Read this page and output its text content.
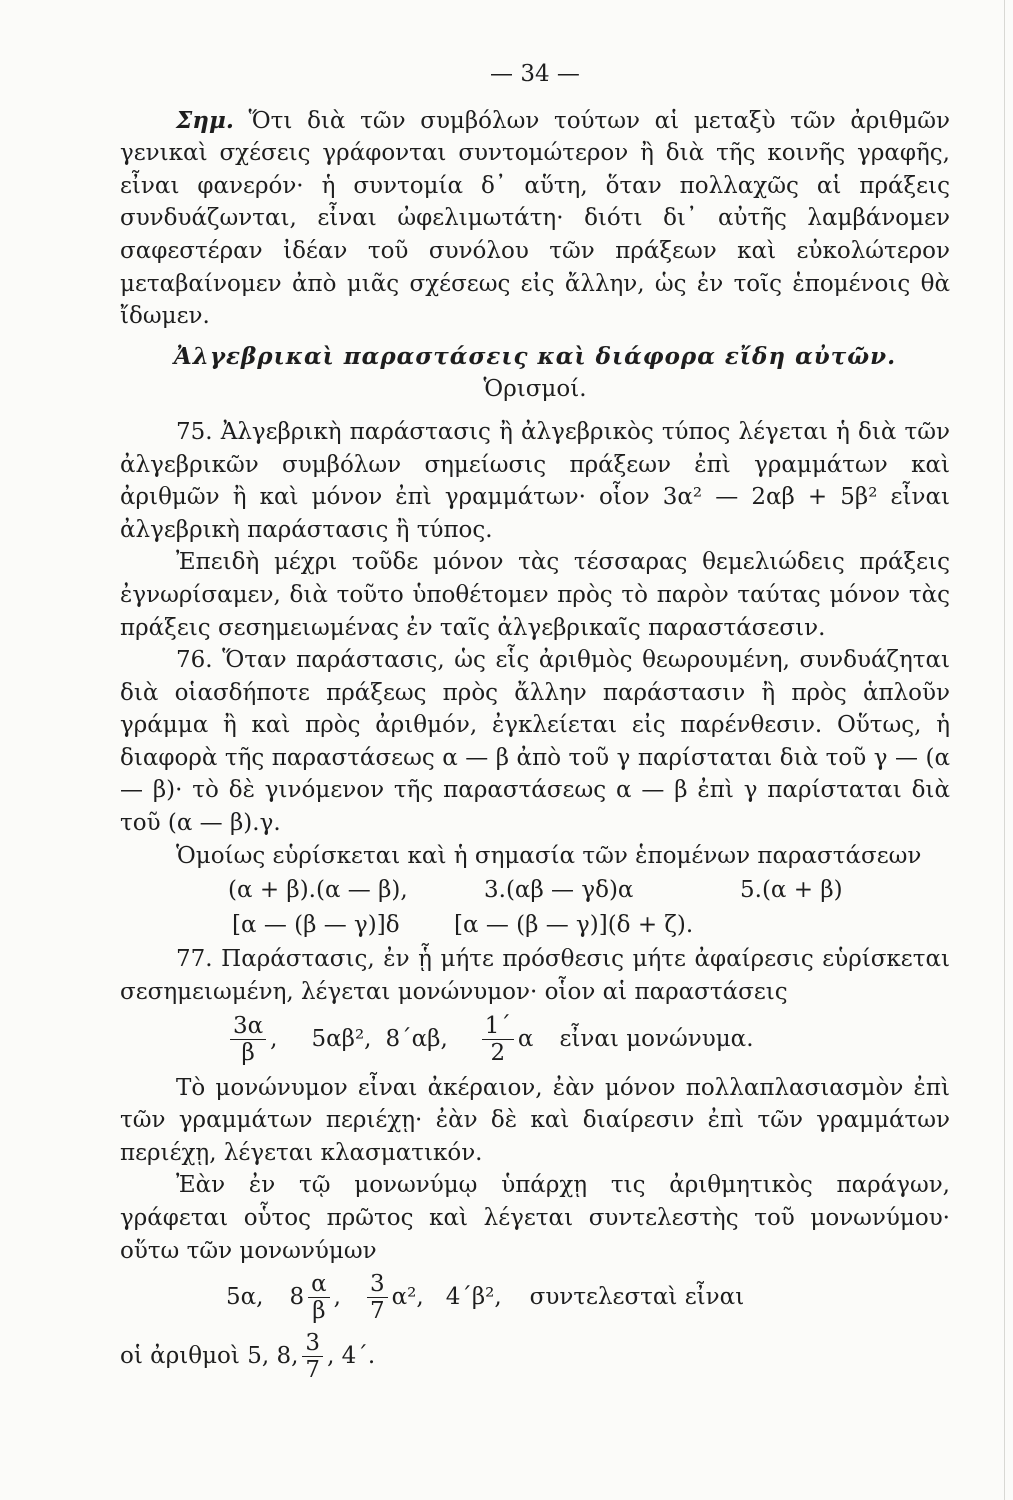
— 34 —

Σημ. Ὅτι διὰ τῶν συμβόλων τούτων αἱ μεταξὺ τῶν ἀριθμῶν γενικαὶ σχέσεις γράφονται συντομώτερον ἢ διὰ τῆς κοινῆς γραφῆς, εἶναι φανερόν· ἡ συντομία δ᾽ αὕτη, ὅταν πολλαχῶς αἱ πράξεις συνδυάζωνται, εἶναι ὠφελιμωτάτη· διότι δι᾽ αὐτῆς λαμβάνομεν σαφεστέραν ἰδέαν τοῦ συνόλου τῶν πράξεων καὶ εὐκολώτερον μεταβαίνομεν ἀπὸ μιᾶς σχέσεως εἰς ἄλλην, ὡς ἐν τοῖς ἑπομένοις θὰ ἴδωμεν.

Ἀλγεβρικαὶ παραστάσεις καὶ διάφορα εἴδη αὐτῶν.
Ὁρισμοί.

75. Ἀλγεβρικὴ παράστασις ἢ ἀλγεβρικὸς τύπος λέγεται ἡ διὰ τῶν ἀλγεβρικῶν συμβόλων σημείωσις πράξεων ἐπὶ γραμμάτων καὶ ἀριθμῶν ἢ καὶ μόνον ἐπὶ γραμμάτων· οἷον 3α² — 2αβ + 5β² εἶναι ἀλγεβρικὴ παράστασις ἢ τύπος.

Ἐπειδὴ μέχρι τοῦδε μόνον τὰς τέσσαρας θεμελιώδεις πράξεις ἐγνωρίσαμεν, διὰ τοῦτο ὑποθέτομεν πρὸς τὸ παρὸν ταύτας μόνον τὰς πράξεις σεσημειωμένας ἐν ταῖς ἀλγεβρικαῖς παραστάσεσιν.

76. Ὅταν παράστασις, ὡς εἷς ἀριθμὸς θεωρουμένη, συνδυάζηται διὰ οἱασδήποτε πράξεως πρὸς ἄλλην παράστασιν ἢ πρὸς ἁπλοῦν γράμμα ἢ καὶ πρὸς ἀριθμόν, ἐγκλείεται εἰς παρένθεσιν. Οὕτως, ἡ διαφορὰ τῆς παραστάσεως α — β ἀπὸ τοῦ γ παρίσταται διὰ τοῦ γ — (α — β)· τὸ δὲ γινόμενον τῆς παραστάσεως α — β ἐπὶ γ παρίσταται διὰ τοῦ (α — β).γ.

Ὁμοίως εὑρίσκεται καὶ ἡ σημασία τῶν ἑπομένων παραστάσεων

(α + β).(α — β),	3.(αβ — γδ)α	5.(α + β)
[α — (β — γ)]δ	[α — (β — γ)](δ + ζ).

77. Παράστασις, ἐν ᾗ μήτε πρόσθεσις μήτε ἀφαίρεσις εὑρίσκεται σεσημειωμένη, λέγεται μονώνυμον· οἷον αἱ παραστάσεις

$\frac{3\alpha}{\beta}$ , 5αβ², 8΄αβ, $\frac{1΄}{2}$ α εἶναι μονώνυμα.

Τὸ μονώνυμον εἶναι ἀκέραιον, ἐὰν μόνον πολλαπλασιασμὸν ἐπὶ τῶν γραμμάτων περιέχῃ· ἐὰν δὲ καὶ διαίρεσιν ἐπὶ τῶν γραμμάτων περιέχῃ, λέγεται κλασματικόν.

Ἐὰν ἐν τῷ μονωνύμῳ ὑπάρχῃ τις ἀριθμητικὸς παράγων, γράφεται οὗτος πρῶτος καὶ λέγεται συντελεστὴς τοῦ μονωνύμου· οὕτω τῶν μονωνύμων

5α, $8 \frac{\alpha}{\beta}$ , $\frac{3}{7} \alpha^2$, 4΄β², συντελεσταὶ εἶναι
οἱ ἀριθμοὶ 5, 8, $\frac{3}{7}$ , 4΄.
